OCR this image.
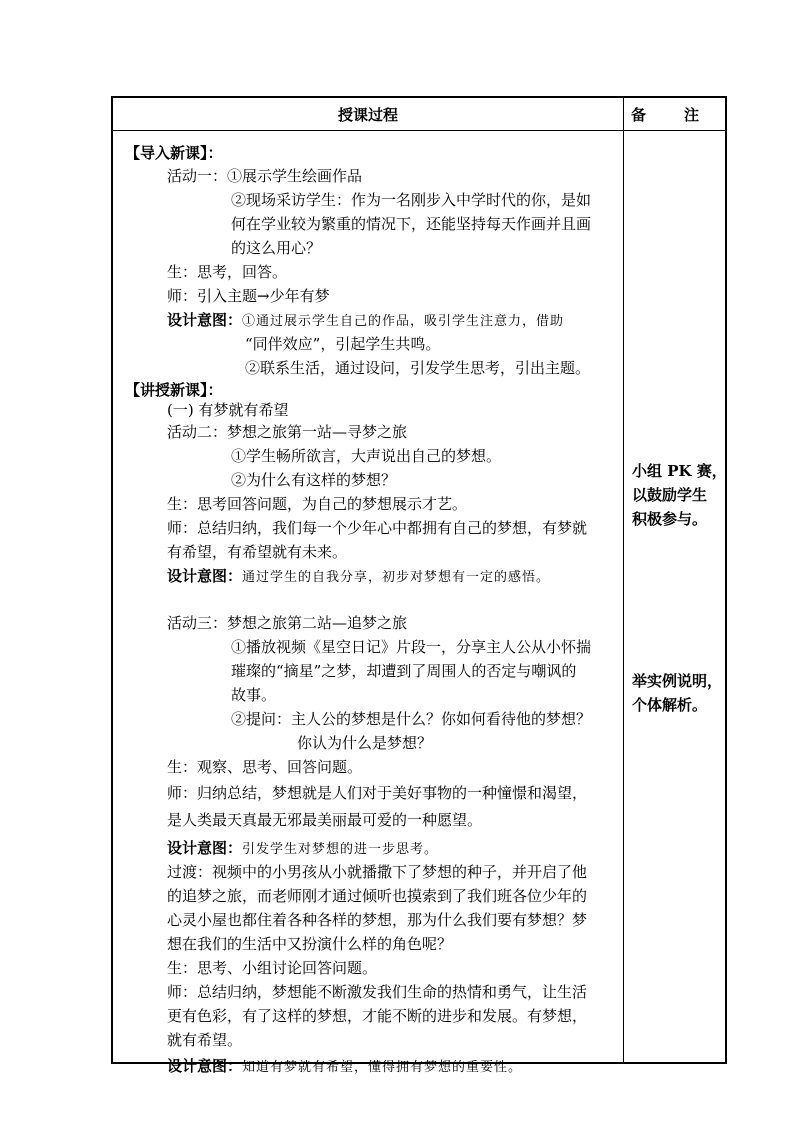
授课过程	备	注
【导入新课】：
活动一：①展示学生绘画作品
②现场采访学生：作为一名刚步入中学时代的你，是如
何在学业较为繁重的情况下，还能坚持每天作画并且画
的这么用心？
生：思考，回答。
师：引入主题→少年有梦
设计意图：①通过展示学生自己的作品，吸引学生注意力，借助
“同伴效应”，引起学生共鸣。
②联系生活，通过设问，引发学生思考，引出主题。
【讲授新课】：
(一) 有梦就有希望
活动二：梦想之旅第一站—寻梦之旅
①学生畅所欲言，大声说出自己的梦想。
②为什么有这样的梦想？
生：思考回答问题，为自己的梦想展示才艺。
师：总结归纳，我们每一个少年心中都拥有自己的梦想，有梦就
有希望，有希望就有未来。
设计意图：通过学生的自我分享，初步对梦想有一定的感悟。
活动三：梦想之旅第二站—追梦之旅
①播放视频《星空日记》片段一，分享主人公从小怀揣
璀璨的“摘星”之梦，却遭到了周围人的否定与嘲讽的
故事。
②提问：主人公的梦想是什么？你如何看待他的梦想？
你认为什么是梦想？
生：观察、思考、回答问题。
师：归纳总结，梦想就是人们对于美好事物的一种憧憬和渴望，
是人类最天真最无邪最美丽最可爱的一种愿望。
设计意图：引发学生对梦想的进一步思考。
过渡：视频中的小男孩从小就播撒下了梦想的种子，并开启了他
的追梦之旅，而老师刚才通过倾听也摸索到了我们班各位少年的
心灵小屋也都住着各种各样的梦想，那为什么我们要有梦想？梦
想在我们的生活中又扮演什么样的角色呢？
生：思考、小组讨论回答问题。
师：总结归纳，梦想能不断激发我们生命的热情和勇气，让生活
更有色彩，有了这样的梦想，才能不断的进步和发展。有梦想，
就有希望。
设计意图：知道有梦就有希望，懂得拥有梦想的重要性。
小组 PK 赛，
以鼓励学生
积极参与。
举实例说明，
个体解析。
